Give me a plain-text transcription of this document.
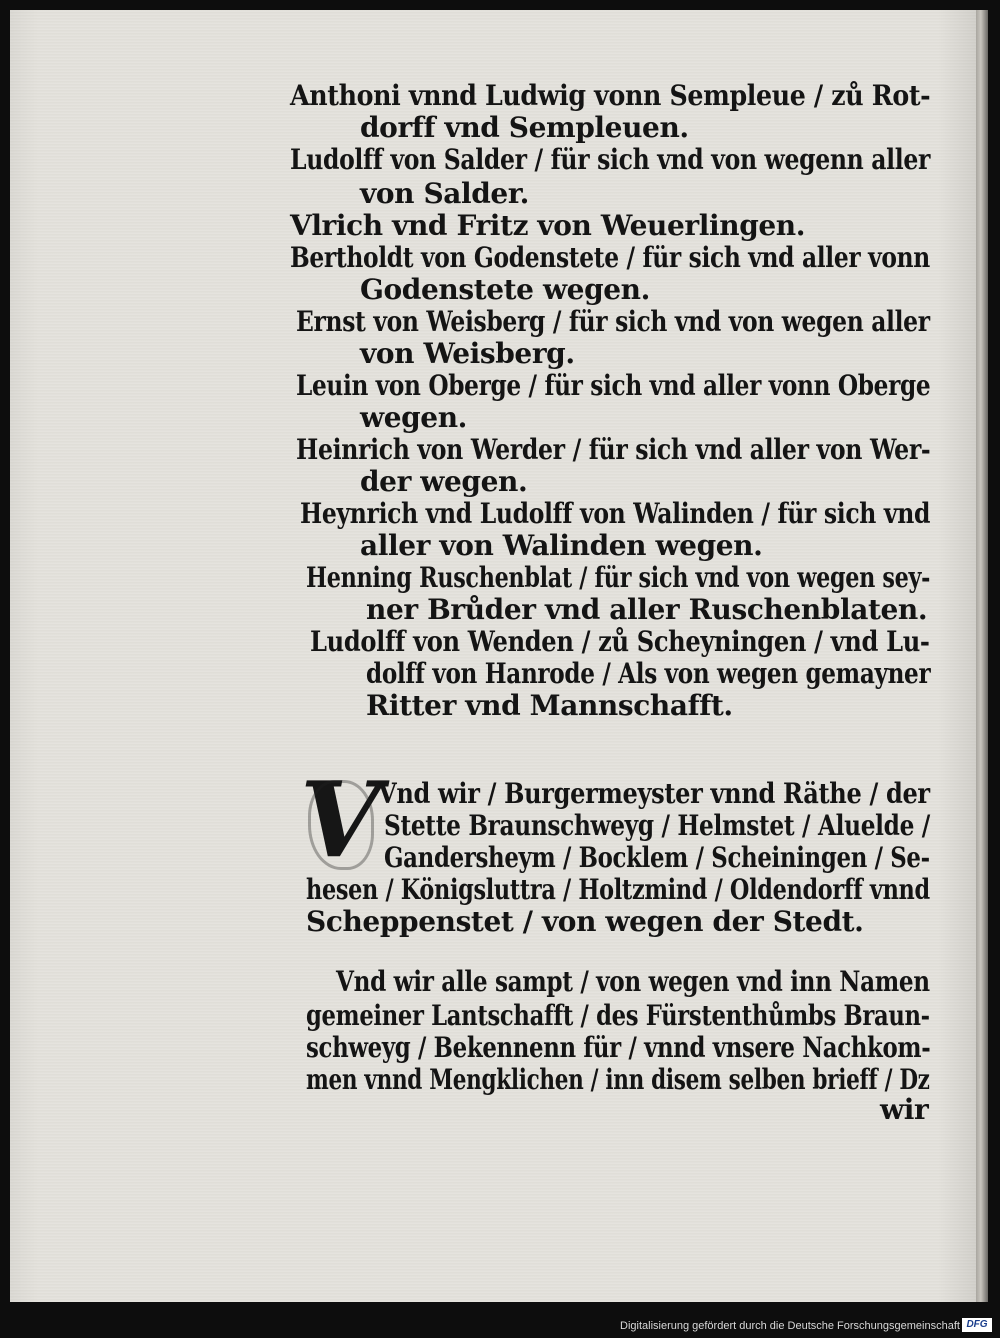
Anthoni vnnd Ludwig vonn Sempleue / zů Rot-
dorff vnd Sempleuen.
Ludolff von Salder / für sich vnd von wegenn aller
von Salder.
Vlrich vnd Fritz von Weuerlingen.
Bertholdt von Godenstete / für sich vnd aller vonn
Godenstete wegen.
Ernst von Weisberg / für sich vnd von wegen aller
von Weisberg.
Leuin von Oberge / für sich vnd aller vonn Oberge
wegen.
Heinrich von Werder / für sich vnd aller von Wer-
der wegen.
Heynrich vnd Ludolff von Walinden / für sich vnd
aller von Walinden wegen.
Henning Ruschenblat / für sich vnd von wegen sey-
ner Brůder vnd aller Ruschenblaten.
Ludolff von Wenden / zů Scheyningen / vnd Lu-
dolff von Hanrode / Als von wegen gemayner
Ritter vnd Mannschafft.
V
Vnd wir / Burgermeyster vnnd Räthe / der
Stette Braunschweyg / Helmstet / Aluelde /
Gandersheym / Bocklem / Scheiningen / Se-
hesen / Königsluttra / Holtzmind / Oldendorff vnnd
Scheppenstet / von wegen der Stedt.
Vnd wir alle sampt / von wegen vnd inn Namen
gemeiner Lantschafft / des Fürstenthůmbs Braun-
schweyg / Bekennenn für / vnnd vnsere Nachkom-
men vnnd Mengklichen / inn disem selben brieff / Dz
wir
Digitalisierung gefördert durch die Deutsche Forschungsgemeinschaft DFG
